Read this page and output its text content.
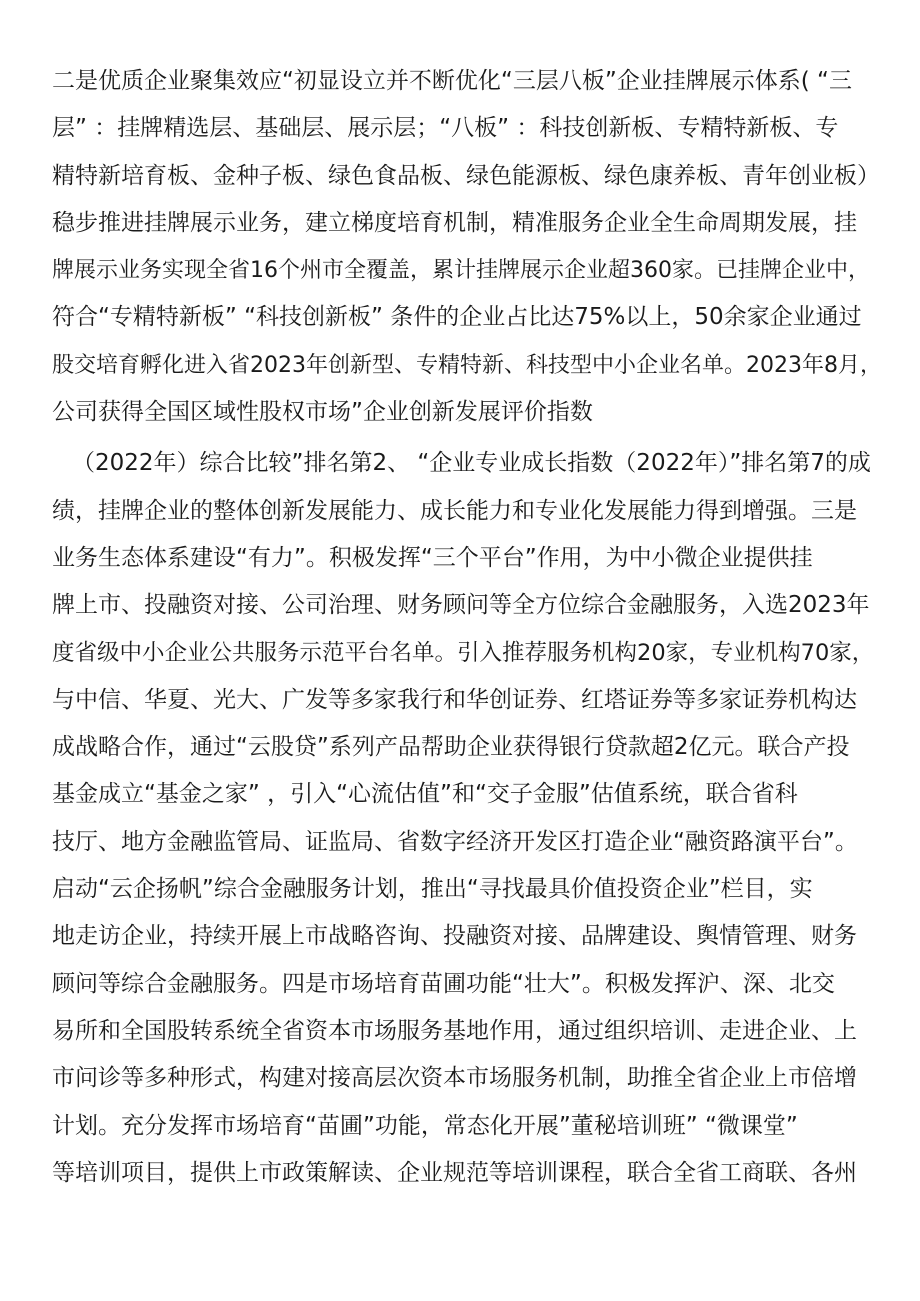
二是优质企业聚集效应“初显设立并不断优化“三层八板”企业挂牌展示体系( “三
层” ：挂牌精选层、基础层、展示层；“八板” ：科技创新板、专精特新板、专
精特新培育板、金种子板、绿色食品板、绿色能源板、绿色康养板、青年创业板）
稳步推进挂牌展示业务，建立梯度培育机制，精准服务企业全生命周期发展，挂
牌展示业务实现全省16个州市全覆盖，累计挂牌展示企业超360家。已挂牌企业中，
符合“专精特新板” “科技创新板” 条件的企业占比达75%以上，50余家企业通过
股交培育孵化进入省2023年创新型、专精特新、科技型中小企业名单。2023年8月，
公司获得全国区域性股权市场”企业创新发展评价指数
（2022年）综合比较”排名第2、 “企业专业成长指数（2022年）”排名第7的成
绩，挂牌企业的整体创新发展能力、成长能力和专业化发展能力得到增强。三是
业务生态体系建设“有力”。积极发挥“三个平台”作用，为中小微企业提供挂
牌上市、投融资对接、公司治理、财务顾问等全方位综合金融服务，入选2023年
度省级中小企业公共服务示范平台名单。引入推荐服务机构20家，专业机构70家，
与中信、华夏、光大、广发等多家我行和华创证券、红塔证券等多家证券机构达
成战略合作，通过“云股贷”系列产品帮助企业获得银行贷款超2亿元。联合产投
基金成立“基金之家” ，引入“心流估值”和“交子金服”估值系统，联合省科
技厅、地方金融监管局、证监局、省数字经济开发区打造企业“融资路演平台”。
启动“云企扬帆”综合金融服务计划，推出“寻找最具价值投资企业”栏目，实
地走访企业，持续开展上市战略咨询、投融资对接、品牌建设、舆情管理、财务
顾问等综合金融服务。四是市场培育苗圃功能“壮大”。积极发挥沪、深、北交
易所和全国股转系统全省资本市场服务基地作用，通过组织培训、走进企业、上
市问诊等多种形式，构建对接高层次资本市场服务机制，助推全省企业上市倍增
计划。充分发挥市场培育“苗圃”功能，常态化开展”董秘培训班” “微课堂”
等培训项目，提供上市政策解读、企业规范等培训课程，联合全省工商联、各州
